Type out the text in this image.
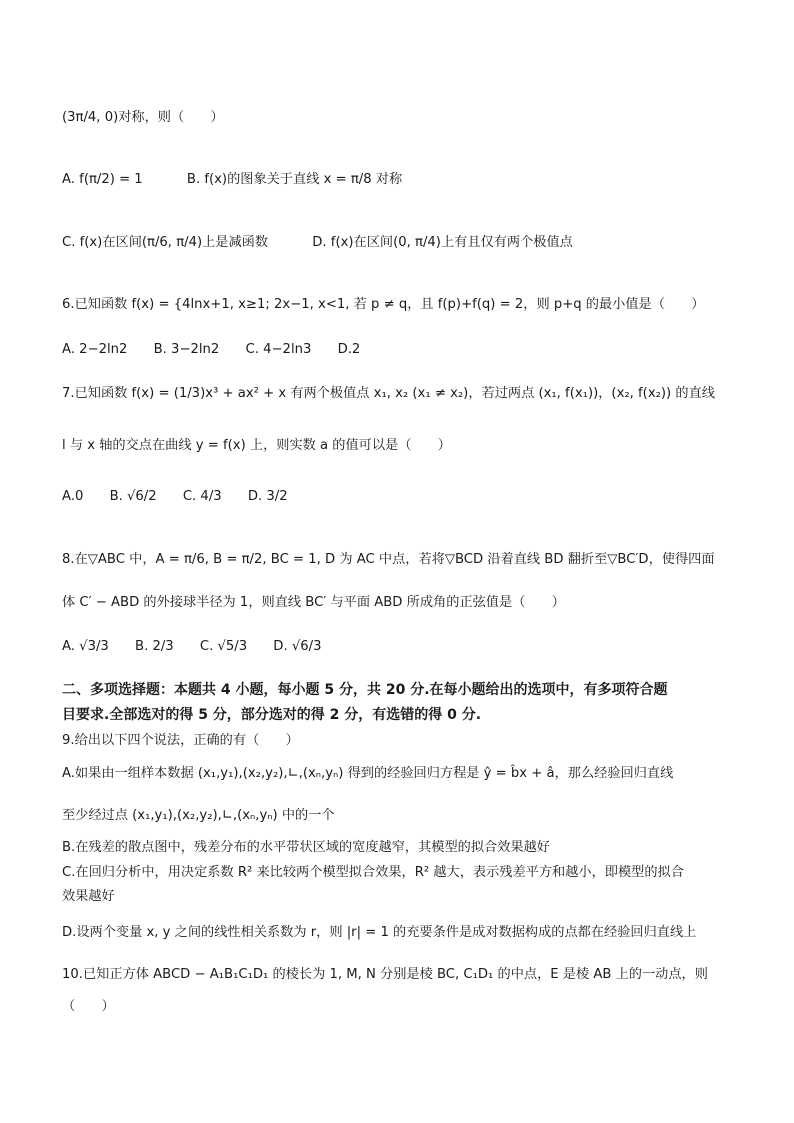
(3π/4, 0)对称，则（　　）
A. f(π/2) = 1	B. f(x)的图象关于直线 x = π/8 对称
C. f(x)在区间(π/6, π/4)上是减函数	D. f(x)在区间(0, π/4)上有且仅有两个极值点
6.已知函数 f(x) = {4lnx+1, x≥1; 2x−1, x<1, 若 p ≠ q，且 f(p)+f(q) = 2，则 p+q 的最小值是（　　）
A. 2−2ln2 B. 3−2ln2 C. 4−2ln3 D.2
7.已知函数 f(x) = (1/3)x³ + ax² + x 有两个极值点 x₁, x₂ (x₁ ≠ x₂)，若过两点 (x₁, f(x₁))，(x₂, f(x₂)) 的直线
l 与 x 轴的交点在曲线 y = f(x) 上，则实数 a 的值可以是（　　）
A.0 B. √6/2 C. 4/3 D. 3/2
8.在▽ABC 中，A = π/6, B = π/2, BC = 1, D 为 AC 中点，若将▽BCD 沿着直线 BD 翻折至▽BC′D，使得四面
体 C′ − ABD 的外接球半径为 1，则直线 BC′ 与平面 ABD 所成角的正弦值是（　　）
A. √3/3 B. 2/3 C. √5/3 D. √6/3
二、多项选择题：本题共 4 小题，每小题 5 分，共 20 分.在每小题给出的选项中，有多项符合题
目要求.全部选对的得 5 分，部分选对的得 2 分，有选错的得 0 分.
9.给出以下四个说法，正确的有（　　）
A.如果由一组样本数据 (x₁,y₁),(x₂,y₂),∟,(xₙ,yₙ) 得到的经验回归方程是 ŷ = b̂x + â，那么经验回归直线
至少经过点 (x₁,y₁),(x₂,y₂),∟,(xₙ,yₙ) 中的一个
B.在残差的散点图中，残差分布的水平带状区域的宽度越窄，其模型的拟合效果越好
C.在回归分析中，用决定系数 R² 来比较两个模型拟合效果，R² 越大，表示残差平方和越小，即模型的拟合
效果越好
D.设两个变量 x, y 之间的线性相关系数为 r，则 |r| = 1 的充要条件是成对数据构成的点都在经验回归直线上
10.已知正方体 ABCD − A₁B₁C₁D₁ 的棱长为 1, M, N 分别是棱 BC, C₁D₁ 的中点，E 是棱 AB 上的一动点，则
（　　）
